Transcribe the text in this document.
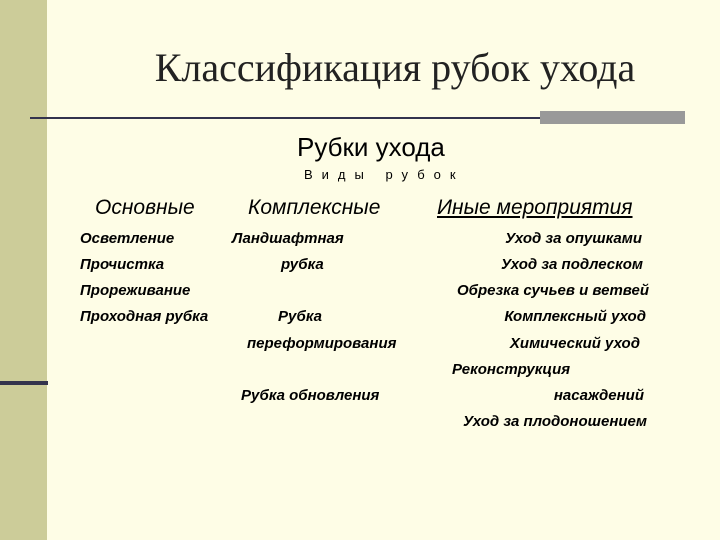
Классификация рубок ухода
Рубки ухода
Виды рубок
Основные	Комплексные	Иные мероприятия
Осветление
Прочистка
Прореживание
Проходная рубка
Ландшафтная
рубка
Рубка
переформирования
Рубка обновления
Уход за опушками
Уход за подлеском
Обрезка сучьев и ветвей
Комплексный уход
Химический уход
Реконструкция
насаждений
Уход за плодоношением
